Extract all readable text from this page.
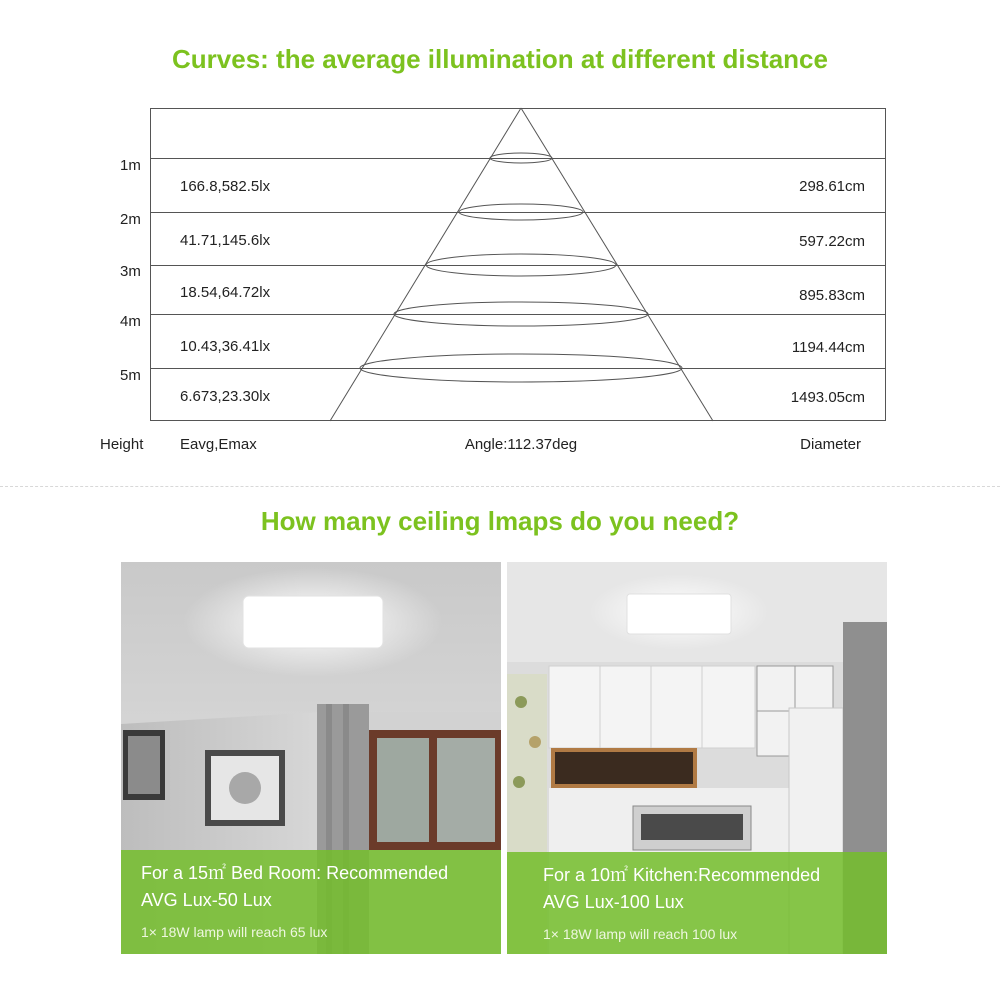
Curves: the average illumination at different distance
1m
2m
3m
4m
5m
166.8,582.5lx
41.71,145.6lx
18.54,64.72lx
10.43,36.41lx
6.673,23.30lx
298.61cm
597.22cm
895.83cm
1194.44cm
1493.05cm
Height Eavg,Emax	Angle:112.37deg	Diameter
How many ceiling lmaps do you need?
For a 15㎡ Bed Room: Recommended
AVG Lux-50 Lux
1× 18W lamp will reach 65 lux
For a 10㎡ Kitchen:Recommended
AVG Lux-100 Lux
1× 18W lamp will reach 100 lux
